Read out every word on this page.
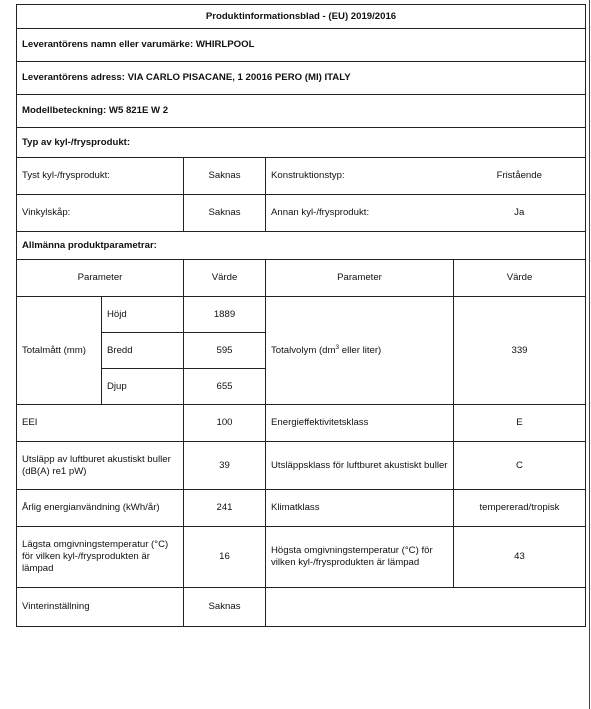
Produktinformationsblad - (EU) 2019/2016				
Leverantörens namn eller varumärke: WHIRLPOOL				
Leverantörens adress: VIA CARLO PISACANE, 1 20016 PERO (MI) ITALY				
Modellbeteckning: W5 821E W 2				
Typ av kyl-/frysprodukt:				
Tyst kyl-/frysprodukt:		Saknas	Konstruktionstyp:	Fristående
Vinkylskåp:		Saknas	Annan kyl-/frysprodukt:	Ja
Allmänna produktparametrar:				
Parameter		Värde	Parameter	Värde
Totalmått (mm)	Höjd	1889	Totalvolym ($dm^3$ eller liter)	339
	Bredd	595		
	Djup	655		
EEI		100	Energieffektivitetsklass	E
Utsläpp av luftburet akustiskt buller (dB(A) re1 pW)		39	Utsläppsklass för luftburet akustiskt buller	C
Årlig energianvändning (kWh/år)		241	Klimatklass	tempererad/tropisk
Lägsta omgivningstemperatur (°C) för vilken kyl-/frysprodukten är lämpad		16	Högsta omgivningstemperatur (°C) för vilken kyl-/frysprodukten är lämpad	43
Vinterinställning		Saknas		
